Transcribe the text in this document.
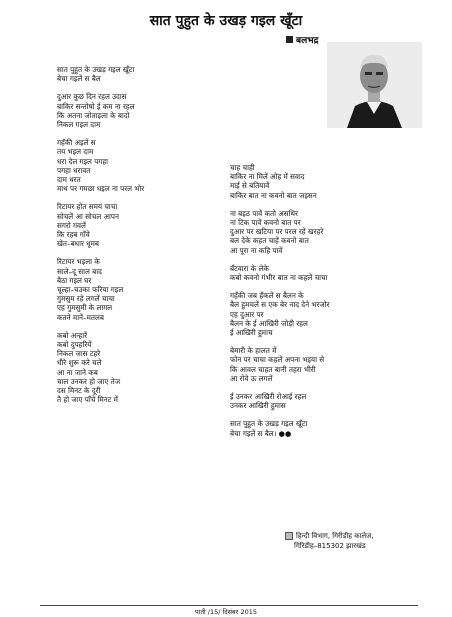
सात पुहुत के उखड़ गइल खूँटा
बलभद्र
सात पुहुत के उखड़ गइल खूँटा
बेचा गइलें स बैल
दुआर कुछ दिन रहल उदास
बाकिर सन्तोषो ई कम ना रहल
कि अतना जोताइला के बादो
निकल गइल दाम
गहँकी अइलें स
तय भइल दाम
धरा देल गइल पगहा
पगहा धरावत
दाम धरत
माथ पर गमछा धइल ना परल भोर
रिटायर होत समय चाचा
सोचलें आ सोचल आपन
सगरो गवलें
कि रहब गाँवे
खेत–बधार धूमब
रिटायर भइला के
साले–दू साल बाद
बैठा गइल घर
चूल्हा–चउका फरिया गइल
गुमसुम रहे लगलें चाचा
एह गुमसुमी के लागल
कतने मानें–मतलब
कबो अन्हारें
कबो दुपहरियें
निकल जास टहरे
धीरे शुरू करे चले
आ ना जाने कब
चाल उनकर हो जाए तेज
दस मिनट के दूरी
तै हो जाए पाँचे मिनट में
चाह चाही
बाकिर ना मिलें ओह में सवाद
माई से बतियावें
बाकिर बात ना कवनो बात जइसन
ना बइठ पावें कतो असथिर
ना टिक पावें कवनो बात पर
दुआर पर खटिया पर परल रहें खरहरे
बल देके कहत चाहें कवनो बात
आ पूरा ना कहि पावें
बँटवारा के लेके
कबो कवनो गंभीर बात ना कहलें चाचा
गहँकी जब हँकलें स बैलन के
बैल हुमचलें स एक बेर नाद देने भरजोर
एह दुआर पर
बैलन के ई आखिरी जोड़ी रहल
ई आखिरी हुमाच
बेमारी के हालत में
फोन पर चाचा कहलें अपना भइया से
कि आवल चाहत बानी तहरा भीरी
आ रोवे ऊ लगलें
ई उनकर आखिरी रोआई रहल
उनकर आखिरी हुमास
सात पुहुत के उखड़ गइल खूँटा
बेचा गइलें स बैल। ●●
हिन्दी विभाग, गिरीडीह कालेज,
गिरिडीह–815302 झारखंड
पाती /15/ दिसंबर 2015
